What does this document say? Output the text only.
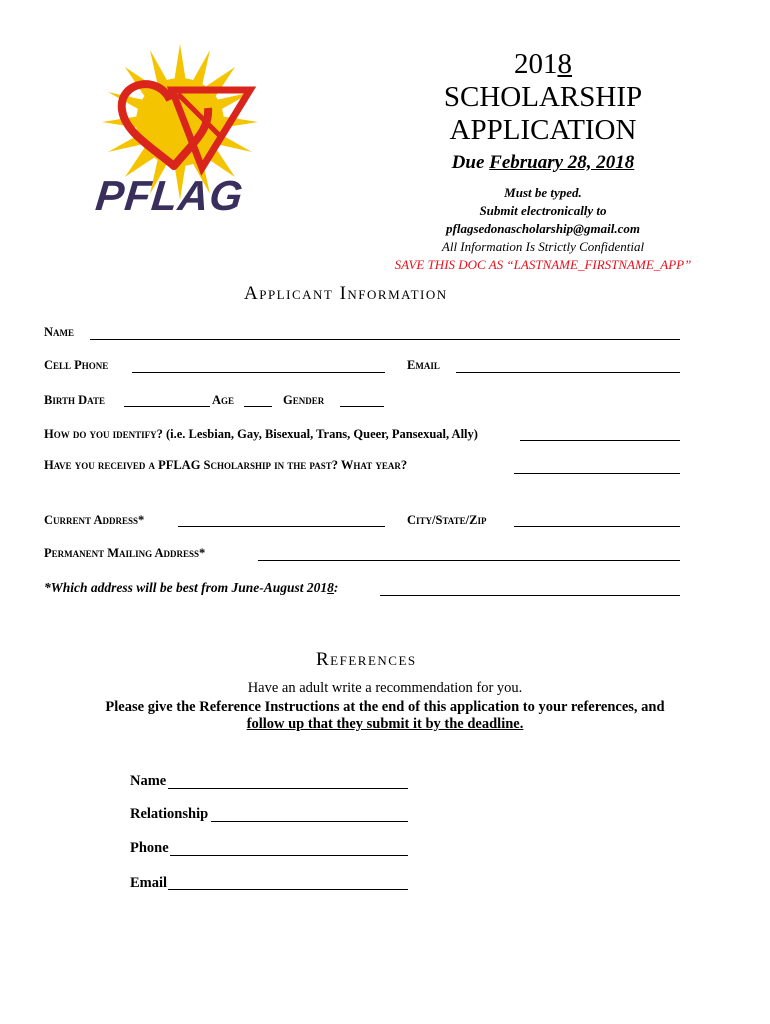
PFLAG
2018
SCHOLARSHIP
APPLICATION
Due February 28, 2018
Must be typed.
Submit electronically to
pflagsedonascholarship@gmail.com
All Information Is Strictly Confidential
SAVE THIS DOC AS “LASTNAME_FIRSTNAME_APP”
Applicant Information
Name
Cell Phone	Email
Birth Date	Age	Gender
How do you identify? (i.e. Lesbian, Gay, Bisexual, Trans, Queer, Pansexual, Ally)
Have you received a PFLAG Scholarship in the past? What year?
Current Address*	City/State/Zip
Permanent Mailing Address*
*Which address will be best from June-August 2018:
References
Have an adult write a recommendation for you.
Please give the Reference Instructions at the end of this application to your references, and
follow up that they submit it by the deadline.
Name
Relationship
Phone
Email
